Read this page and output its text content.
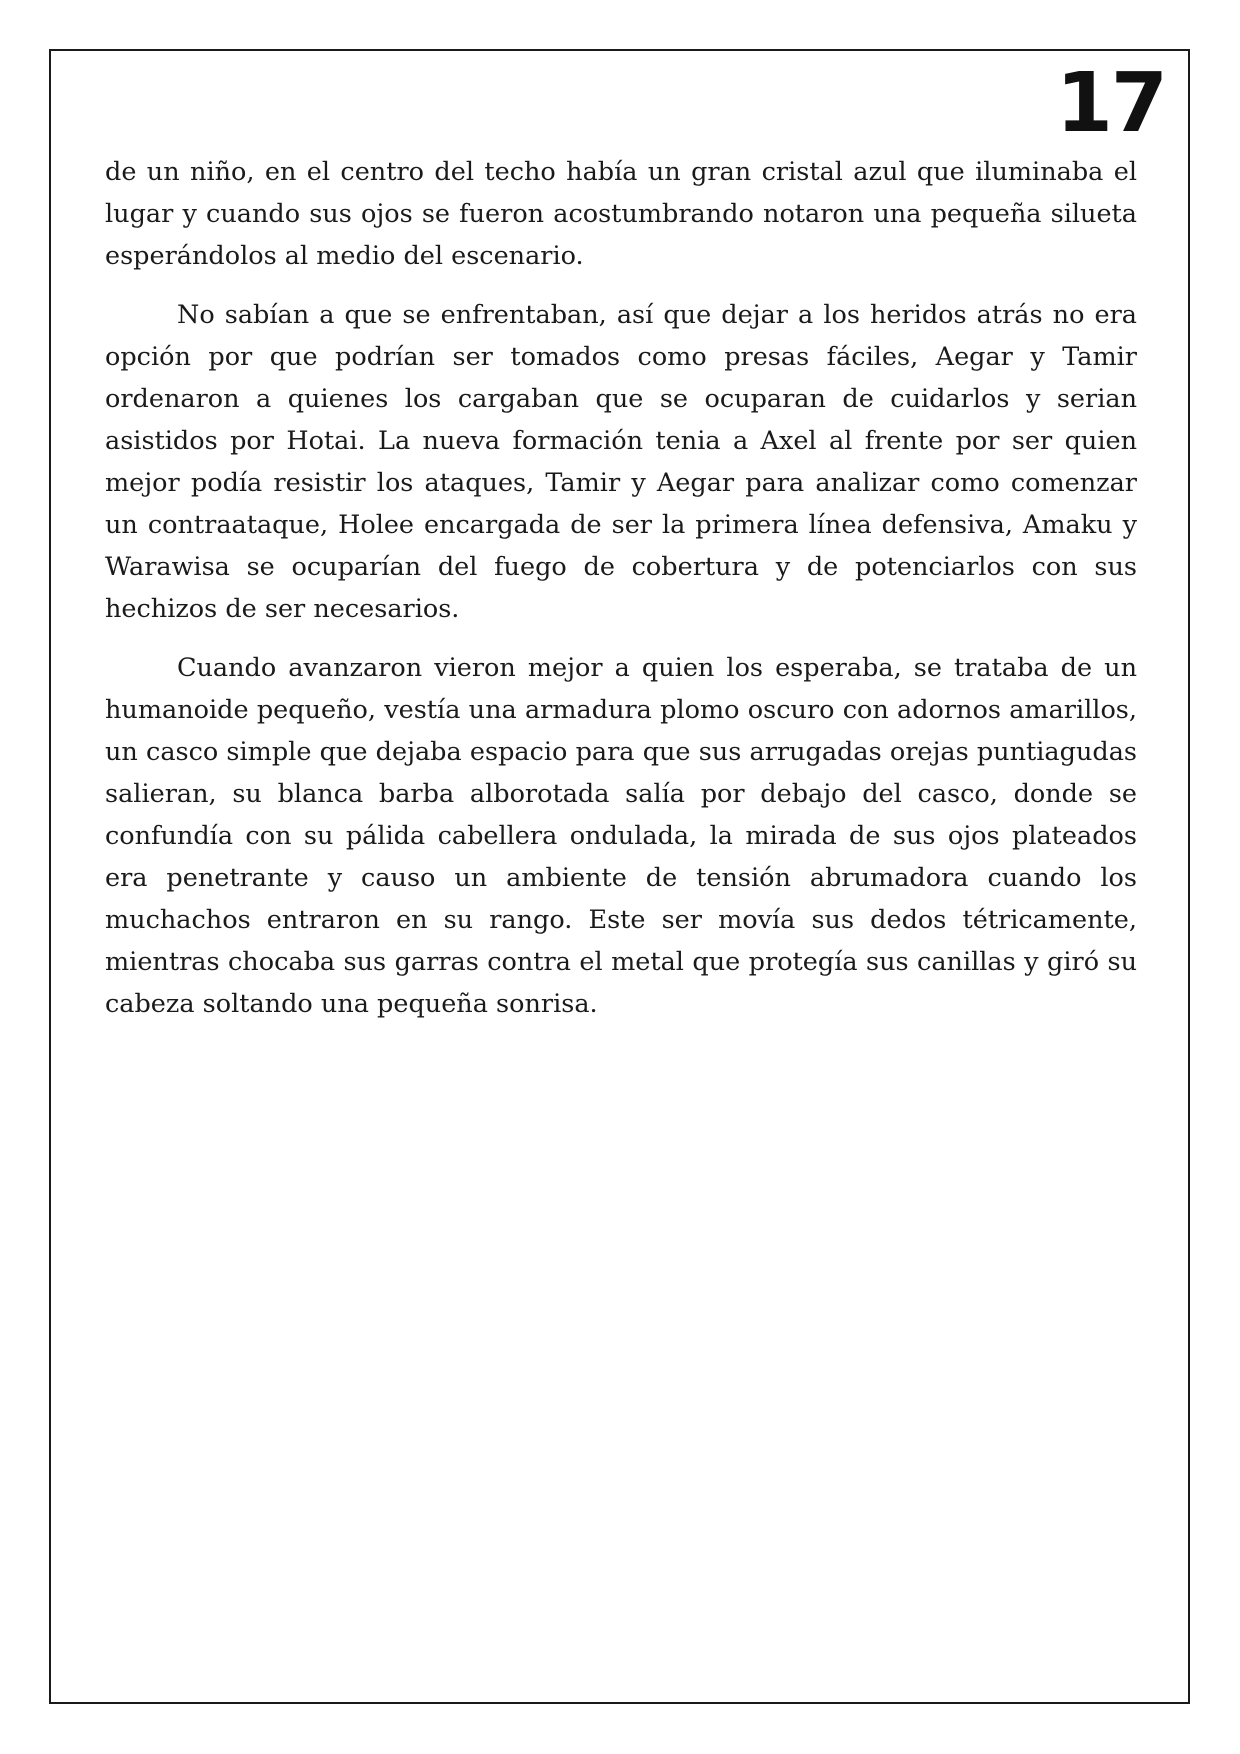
17

de un niño, en el centro del techo había un gran cristal azul que iluminaba el lugar y cuando sus ojos se fueron acostumbrando notaron una pequeña silueta esperándolos al medio del escenario.

No sabían a que se enfrentaban, así que dejar a los heridos atrás no era opción por que podrían ser tomados como presas fáciles, Aegar y Tamir ordenaron a quienes los cargaban que se ocuparan de cuidarlos y serian asistidos por Hotai. La nueva formación tenia a Axel al frente por ser quien mejor podía resistir los ataques, Tamir y Aegar para analizar como comenzar un contraataque, Holee encargada de ser la primera línea defensiva, Amaku y Warawisa se ocuparían del fuego de cobertura y de potenciarlos con sus hechizos de ser necesarios.

Cuando avanzaron vieron mejor a quien los esperaba, se trataba de un humanoide pequeño, vestía una armadura plomo oscuro con adornos amarillos, un casco simple que dejaba espacio para que sus arrugadas orejas puntiagudas salieran, su blanca barba alborotada salía por debajo del casco, donde se confundía con su pálida cabellera ondulada, la mirada de sus ojos plateados era penetrante y causo un ambiente de tensión abrumadora cuando los muchachos entraron en su rango. Este ser movía sus dedos tétricamente, mientras chocaba sus garras contra el metal que protegía sus canillas y giró su cabeza soltando una pequeña sonrisa.
